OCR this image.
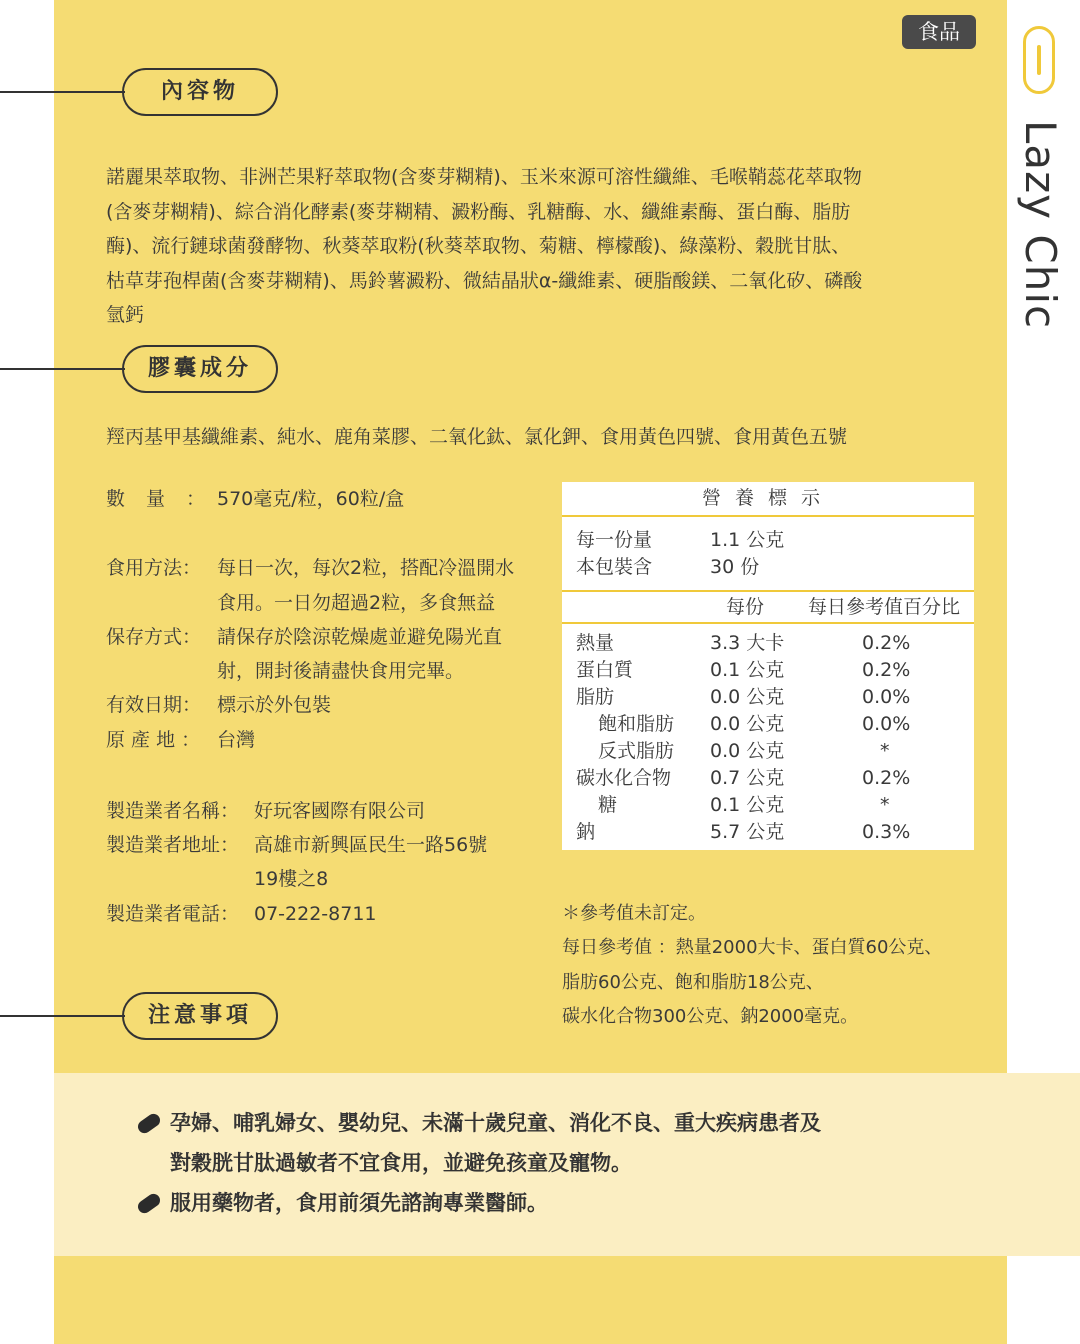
Lazy Chic
食品
內容物
諾麗果萃取物、非洲芒果籽萃取物(含麥芽糊精)、玉米來源可溶性纖維、毛喉鞘蕊花萃取物
(含麥芽糊精)、綜合消化酵素(麥芽糊精、澱粉酶、乳糖酶、水、纖維素酶、蛋白酶、脂肪
酶)、流行鏈球菌發酵物、秋葵萃取粉(秋葵萃取物、菊糖、檸檬酸)、綠藻粉、穀胱甘肽、
枯草芽孢桿菌(含麥芽糊精)、馬鈴薯澱粉、微結晶狀α-纖維素、硬脂酸鎂、二氧化矽、磷酸
氫鈣
膠囊成分
羥丙基甲基纖維素、純水、鹿角菜膠、二氧化鈦、氯化鉀、食用黃色四號、食用黃色五號
數　量　： 570毫克/粒，60粒/盒
食用方法： 每日一次，每次2粒，搭配冷溫開水
食用。一日勿超過2粒，多食無益
保存方式： 請保存於陰涼乾燥處並避免陽光直
射，開封後請盡快食用完畢。
有效日期： 標示於外包裝
原 產 地 ： 台灣
製造業者名稱： 好玩客國際有限公司
製造業者地址： 高雄市新興區民生一路56號
19樓之8
製造業者電話： 07-222-8711
營養標示
每一份量	1.1 公克
本包裝含	30 份
每份 每日參考值百分比
熱量	3.3 大卡	0.2%
蛋白質	0.1 公克	0.2%
脂肪	0.0 公克	0.0%
飽和脂肪 0.0 公克	0.0%
反式脂肪 0.0 公克	*
碳水化合物 0.7 公克	0.2%
糖	0.1 公克	*
鈉	5.7 公克	0.3%
＊參考值未訂定。
每日參考值 ：熱量2000大卡、蛋白質60公克、
脂肪60公克、飽和脂肪18公克、
碳水化合物300公克、鈉2000毫克。
注意事項
孕婦、哺乳婦女、嬰幼兒、未滿十歲兒童、消化不良、重大疾病患者及
對穀胱甘肽過敏者不宜食用，並避免孩童及寵物。
服用藥物者，食用前須先諮詢專業醫師。
